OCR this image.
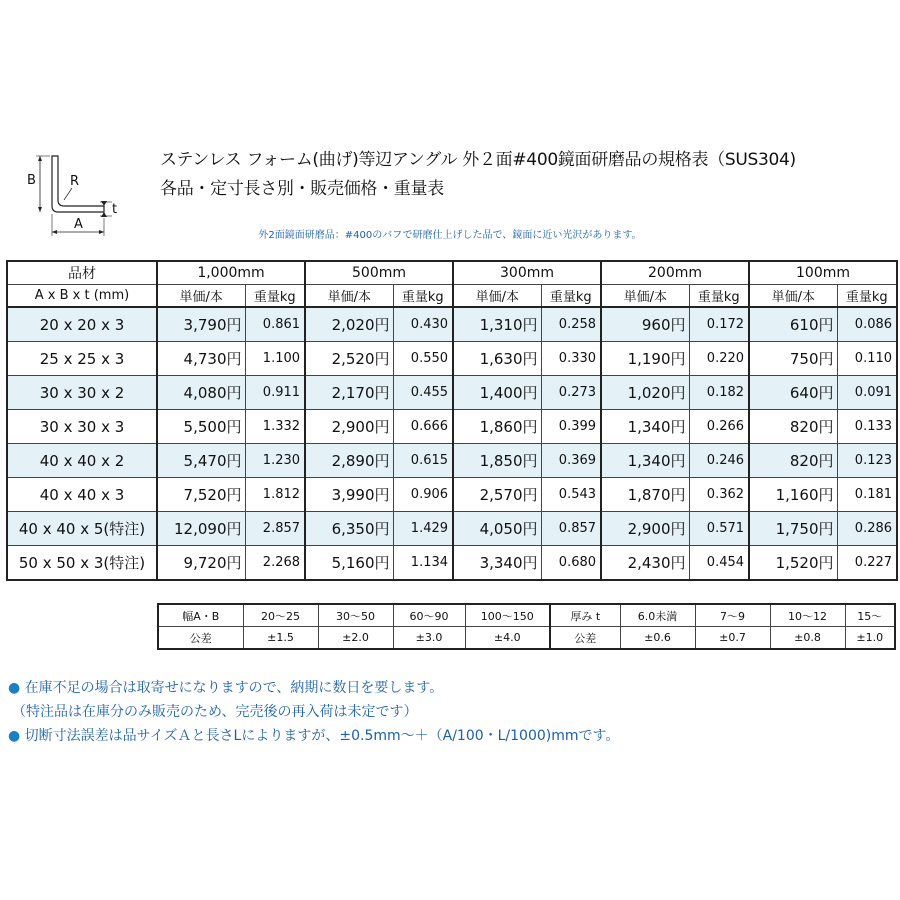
B	R
t
A
ステンレス フォーム(曲げ)等辺アングル 外２面#400鏡面研磨品の規格表（SUS304)
各品・定寸長さ別・販売価格・重量表
外2面鏡面研磨品：#400のバフで研磨仕上げした品で、鏡面に近い光沢があります。
品材	1,000mm		500mm		300mm		200mm		100mm	
A x B x t (mm)	単価/本	重量kg	単価/本	重量kg	単価/本	重量kg	単価/本	重量kg	単価/本	重量kg
20 x 20 x 3	3,790円	0.861	2,020円	0.430	1,310円	0.258	960円	0.172	610円	0.086
25 x 25 x 3	4,730円	1.100	2,520円	0.550	1,630円	0.330	1,190円	0.220	750円	0.110
30 x 30 x 2	4,080円	0.911	2,170円	0.455	1,400円	0.273	1,020円	0.182	640円	0.091
30 x 30 x 3	5,500円	1.332	2,900円	0.666	1,860円	0.399	1,340円	0.266	820円	0.133
40 x 40 x 2	5,470円	1.230	2,890円	0.615	1,850円	0.369	1,340円	0.246	820円	0.123
40 x 40 x 3	7,520円	1.812	3,990円	0.906	2,570円	0.543	1,870円	0.362	1,160円	0.181
40 x 40 x 5(特注)	12,090円	2.857	6,350円	1.429	4,050円	0.857	2,900円	0.571	1,750円	0.286
50 x 50 x 3(特注)	9,720円	2.268	5,160円	1.134	3,340円	0.680	2,430円	0.454	1,520円	0.227
幅A・B	20〜25	30〜50	60〜90	100〜150	厚み t	6.0未満	7〜9	10〜12	15〜
公差	±1.5	±2.0	±3.0	±4.0	公差	±0.6	±0.7	±0.8	±1.0
● 在庫不足の場合は取寄せになりますので、納期に数日を要します。
（特注品は在庫分のみ販売のため、完売後の再入荷は未定です）
● 切断寸法誤差は品サイズＡと長さLによりますが、±0.5mm〜＋（A/100・L/1000)mmです。
